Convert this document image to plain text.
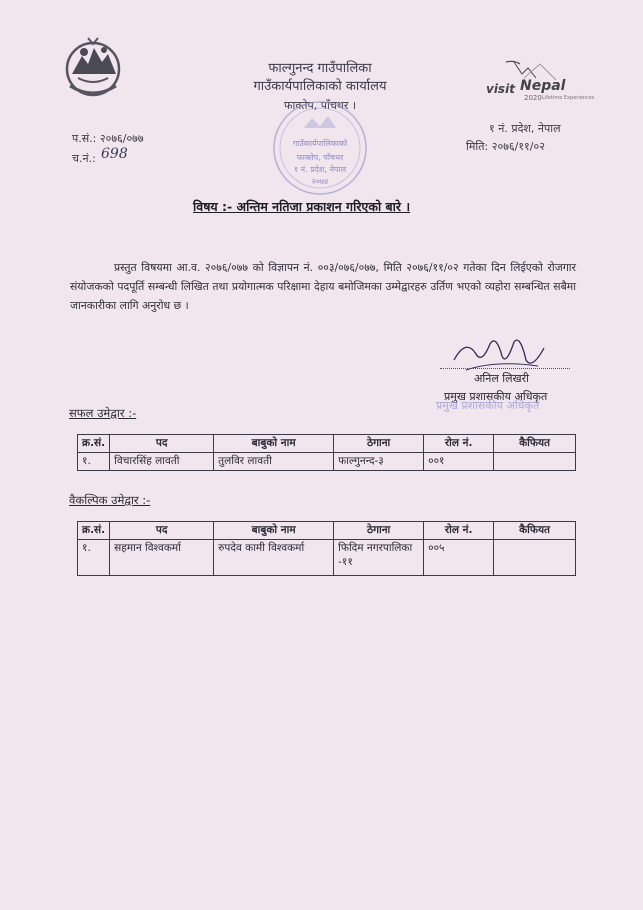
फाल्गुनन्द गाउँपालिका
गाउँकार्यपालिकाको कार्यालय
फाक्तेप, पाँचथर ।
visit Nepal
2020 Lifetime Experiences
१ नं. प्रदेश, नेपाल
मिति: २०७६/११/०२
प.सं.: २०७६/०७७
च.नं.: 698
गाउँकार्यपालिकाको
फाक्तेप, पाँचथर
१ नं. प्रदेश, नेपाल
२०७४
विषय :- अन्तिम नतिजा प्रकाशन गरिएको बारे ।
प्रस्तुत विषयमा आ.व. २०७६/०७७ को विज्ञापन नं. ००३/०७६/०७७, मिति २०७६/११/०२ गतेका दिन लिईएको रोजगार संयोजकको पदपूर्ति सम्बन्धी लिखित तथा प्रयोगात्मक परिक्षामा देहाय बमोजिमका उम्मेद्वारहरु उर्तिण भएको व्यहोरा सम्बन्धित सबैमा जानकारीका लागि अनुरोध छ ।
अनिल लिखरी
प्रमुख प्रशासकीय अधिकृत
प्रमुख प्रशासकीय अधिकृत
सफल उमेद्वार :-
क्र.सं.	पद	बाबुको नाम	ठेगाना	रोल नं.	कैफियत
१.	विचारसिंह लावती	तुलविर लावती	फाल्गुनन्द-३	००१	
वैकल्पिक उमेद्वार :-
क्र.सं.	पद	बाबुको नाम	ठेगाना	रोल नं.	कैफियत
१.	सहमान विश्वकर्मा	रुपदेव कामी विश्वकर्मा	फिदिम नगरपालिका -११	००५	
